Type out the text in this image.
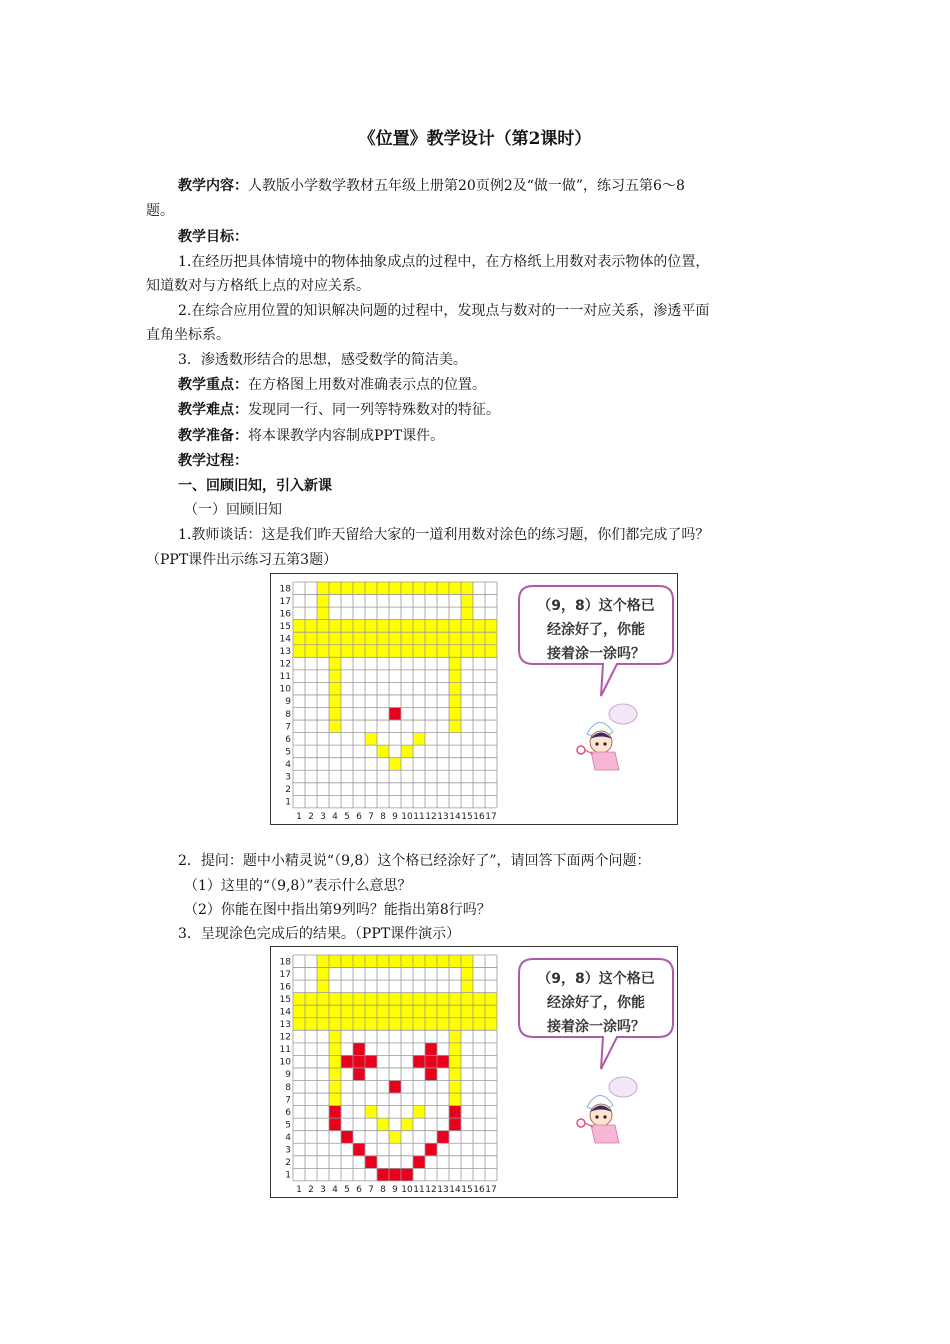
《位置》教学设计（第2课时）
教学内容：人教版小学数学教材五年级上册第20页例2及“做一做”，练习五第6～8
题。
教学目标：
1.在经历把具体情境中的物体抽象成点的过程中，在方格纸上用数对表示物体的位置，
知道数对与方格纸上点的对应关系。
2.在综合应用位置的知识解决问题的过程中，发现点与数对的一一对应关系，渗透平面
直角坐标系。
3．渗透数形结合的思想，感受数学的简洁美。
教学重点：在方格图上用数对准确表示点的位置。
教学难点：发现同一行、同一列等特殊数对的特征。
教学准备：将本课教学内容制成PPT课件。
教学过程：
一、回顾旧知，引入新课
（一）回顾旧知
1.教师谈话：这是我们昨天留给大家的一道利用数对涂色的练习题，你们都完成了吗？
（PPT课件出示练习五第3题）
1 2 3 4 5 6 7 8 9 10 11 12 13 14 15 16 17
1
2
3
4
5
6
7
8
9
10
11
12
13
14
15
16
17
18
（9，8）这个格已
经涂好了，你能
接着涂一涂吗？
2．提问：题中小精灵说“（9,8）这个格已经涂好了”，请回答下面两个问题：
（1）这里的“（9,8）”表示什么意思？
（2）你能在图中指出第9列吗？能指出第8行吗？
3．呈现涂色完成后的结果。（PPT课件演示）
1 2 3 4 5 6 7 8 9 10 11 12 13 14 15 16 17
1
2
3
4
5
6
7
8
9
10
11
12
13
14
15
16
17
18
（9，8）这个格已
经涂好了，你能
接着涂一涂吗？
